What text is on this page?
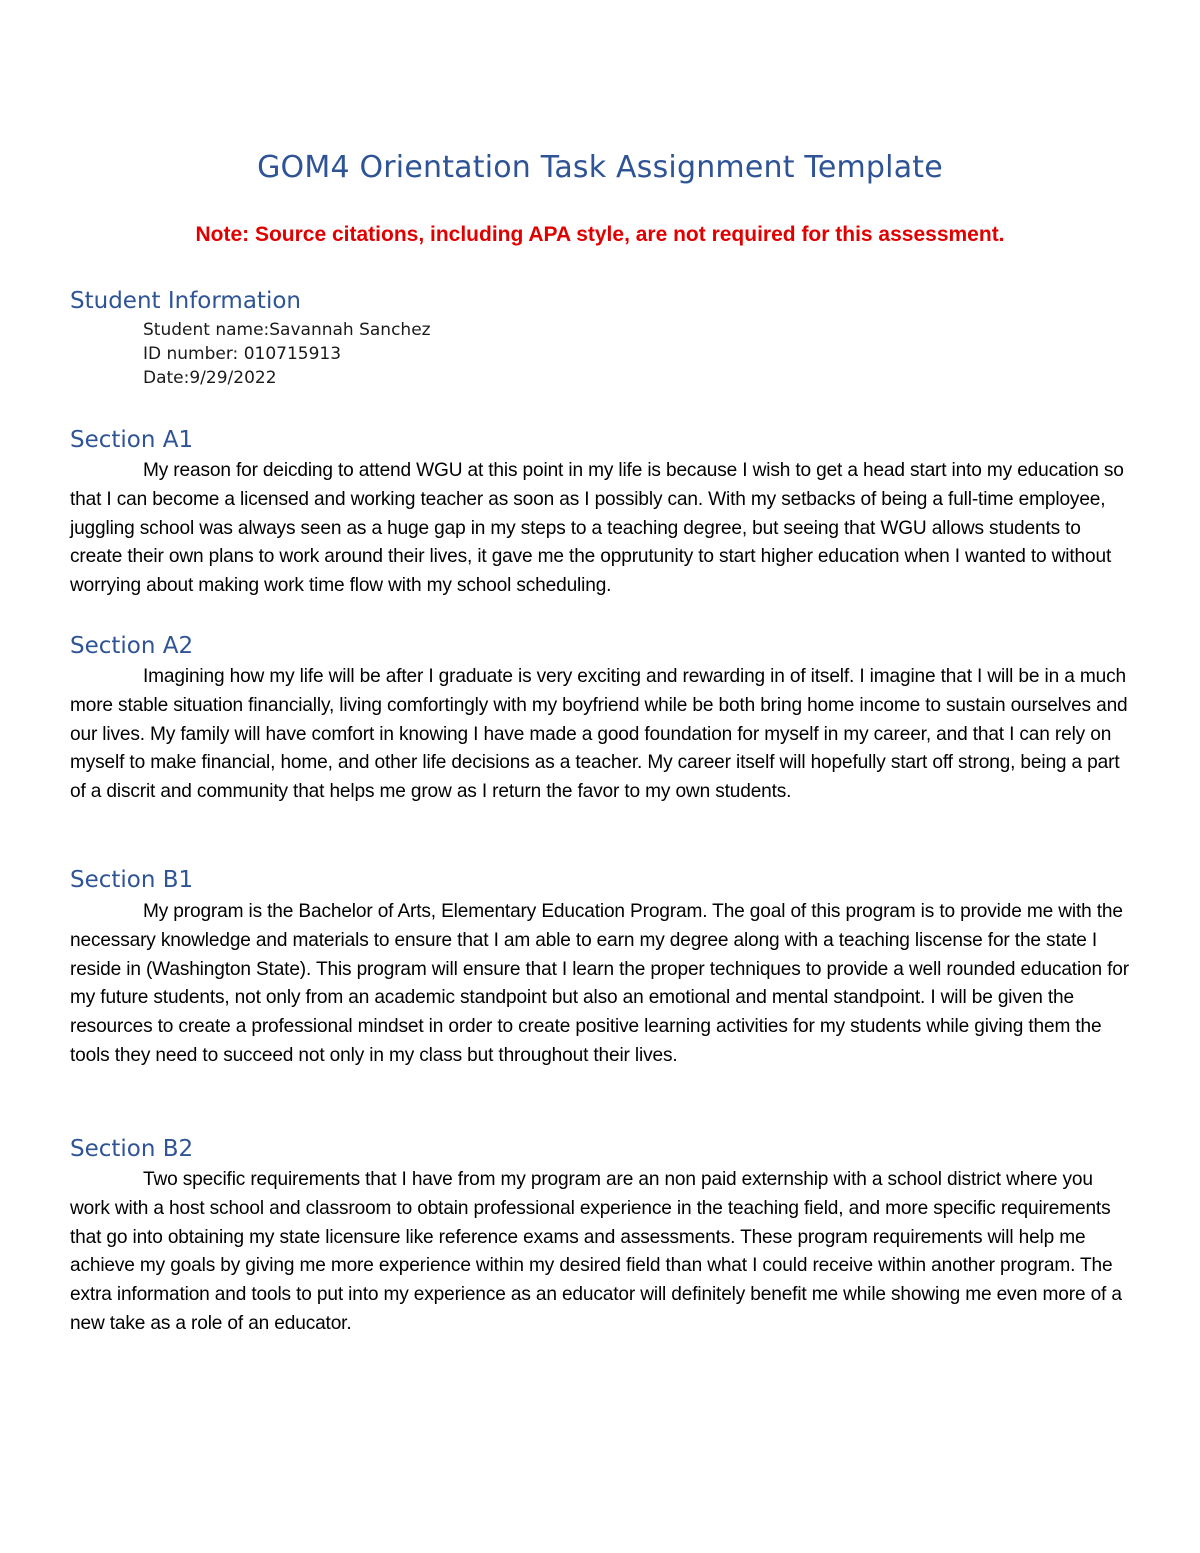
GOM4 Orientation Task Assignment Template
Note: Source citations, including APA style, are not required for this assessment.
Student Information
Student name:Savannah Sanchez
ID number: 010715913
Date:9/29/2022
Section A1

My reason for deicding to attend WGU at this point in my life is because I wish to get a head start into my education so that I can become a licensed and working teacher as soon as I possibly can. With my setbacks of being a full-time employee, juggling school was always seen as a huge gap in my steps to a teaching degree, but seeing that WGU allows students to create their own plans to work around their lives, it gave me the opprutunity to start higher education when I wanted to without worrying about making work time flow with my school scheduling.

Section A2

Imagining how my life will be after I graduate is very exciting and rewarding in of itself. I imagine that I will be in a much more stable situation financially, living comfortingly with my boyfriend while be both bring home income to sustain ourselves and our lives. My family will have comfort in knowing I have made a good foundation for myself in my career, and that I can rely on myself to make financial, home, and other life decisions as a teacher. My career itself will hopefully start off strong, being a part of a discrit and community that helps me grow as I return the favor to my own students.

Section B1

My program is the Bachelor of Arts, Elementary Education Program. The goal of this program is to provide me with the necessary knowledge and materials to ensure that I am able to earn my degree along with a teaching liscense for the state I reside in (Washington State). This program will ensure that I learn the proper techniques to provide a well rounded education for my future students, not only from an academic standpoint but also an emotional and mental standpoint. I will be given the resources to create a professional mindset in order to create positive learning activities for my students while giving them the tools they need to succeed not only in my class but throughout their lives.

Section B2

Two specific requirements that I have from my program are an non paid externship with a school district where you work with a host school and classroom to obtain professional experience in the teaching field, and more specific requirements that go into obtaining my state licensure like reference exams and assessments. These program requirements will help me achieve my goals by giving me more experience within my desired field than what I could receive within another program. The extra information and tools to put into my experience as an educator will definitely benefit me while showing me even more of a new take as a role of an educator.
